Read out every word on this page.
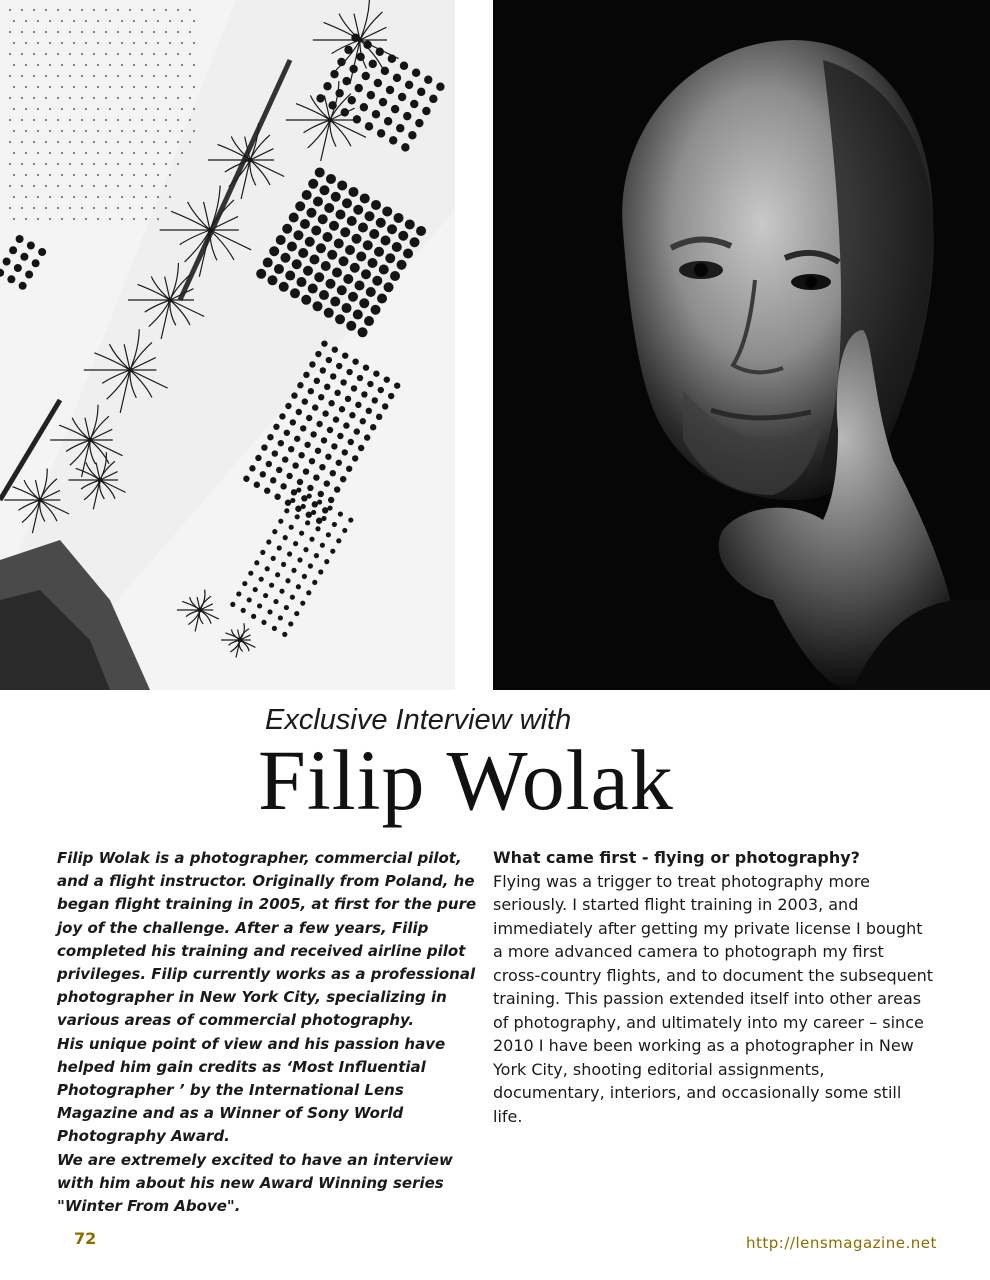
Exclusive Interview with
Filip Wolak

Filip Wolak is a photographer, commercial pilot, and a flight instructor. Originally from Poland, he began flight training in 2005, at first for the pure joy of the challenge. After a few years, Filip completed his training and received airline pilot privileges. Filip currently works as a professional photographer in New York City, specializing in various areas of commercial photography.

His unique point of view and his passion have helped him gain credits as ‘Most Influential Photographer ’ by the International Lens Magazine and as a Winner of Sony World Photography Award.

We are extremely excited to have an interview with him about his new Award Winning series "Winter From Above".

What came first - flying or photography?

Flying was a trigger to treat photography more seriously. I started flight training in 2003, and immediately after getting my private license I bought a more advanced camera to photograph my first cross-country flights, and to document the subsequent training. This passion extended itself into other areas of photography, and ultimately into my career – since 2010 I have been working as a photographer in New York City, shooting editorial assignments, documentary, interiors, and occasionally some still life.

72	http://lensmagazine.net
